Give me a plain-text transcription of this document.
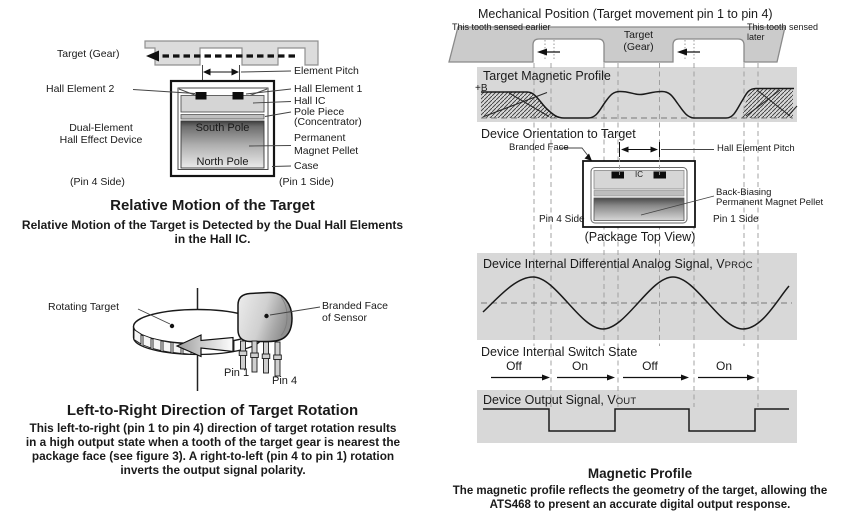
Target (Gear)
Hall Element 2
Dual-Element
Hall Effect Device
(Pin 4 Side)	(Pin 1 Side)
Element Pitch
Hall Element 1
Hall IC
Pole Piece
(Concentrator)
Permanent
Magnet Pellet
Case
South Pole
North Pole
Relative Motion of the Target
Relative Motion of the Target is Detected by the Dual Hall Elements
in the Hall IC.
Rotating Target	Branded Face
of Sensor
Pin 1
Pin 4
Left-to-Right Direction of Target Rotation
This left-to-right (pin 1 to pin 4) direction of target rotation results
in a high output state when a tooth of the target gear is nearest the
package face (see figure 3). A right-to-left (pin 4 to pin 1) rotation
inverts the output signal polarity.
Mechanical Position (Target movement pin 1 to pin 4)
This tooth sensed earlier
Target
(Gear)
This tooth sensed
later
Target Magnetic Profile
+B
Device Orientation to Target
Branded Face	Hall Element Pitch
IC
Back-Biasing
Permanent Magnet Pellet
Pin 4 Side	Pin 1 Side
(Package Top View)
Device Internal Differential Analog Signal, VPROC
Device Internal Switch State
Off	On	Off	On
Device Output Signal, VOUT
Magnetic Profile
The magnetic profile reflects the geometry of the target, allowing the
ATS468 to present an accurate digital output response.
